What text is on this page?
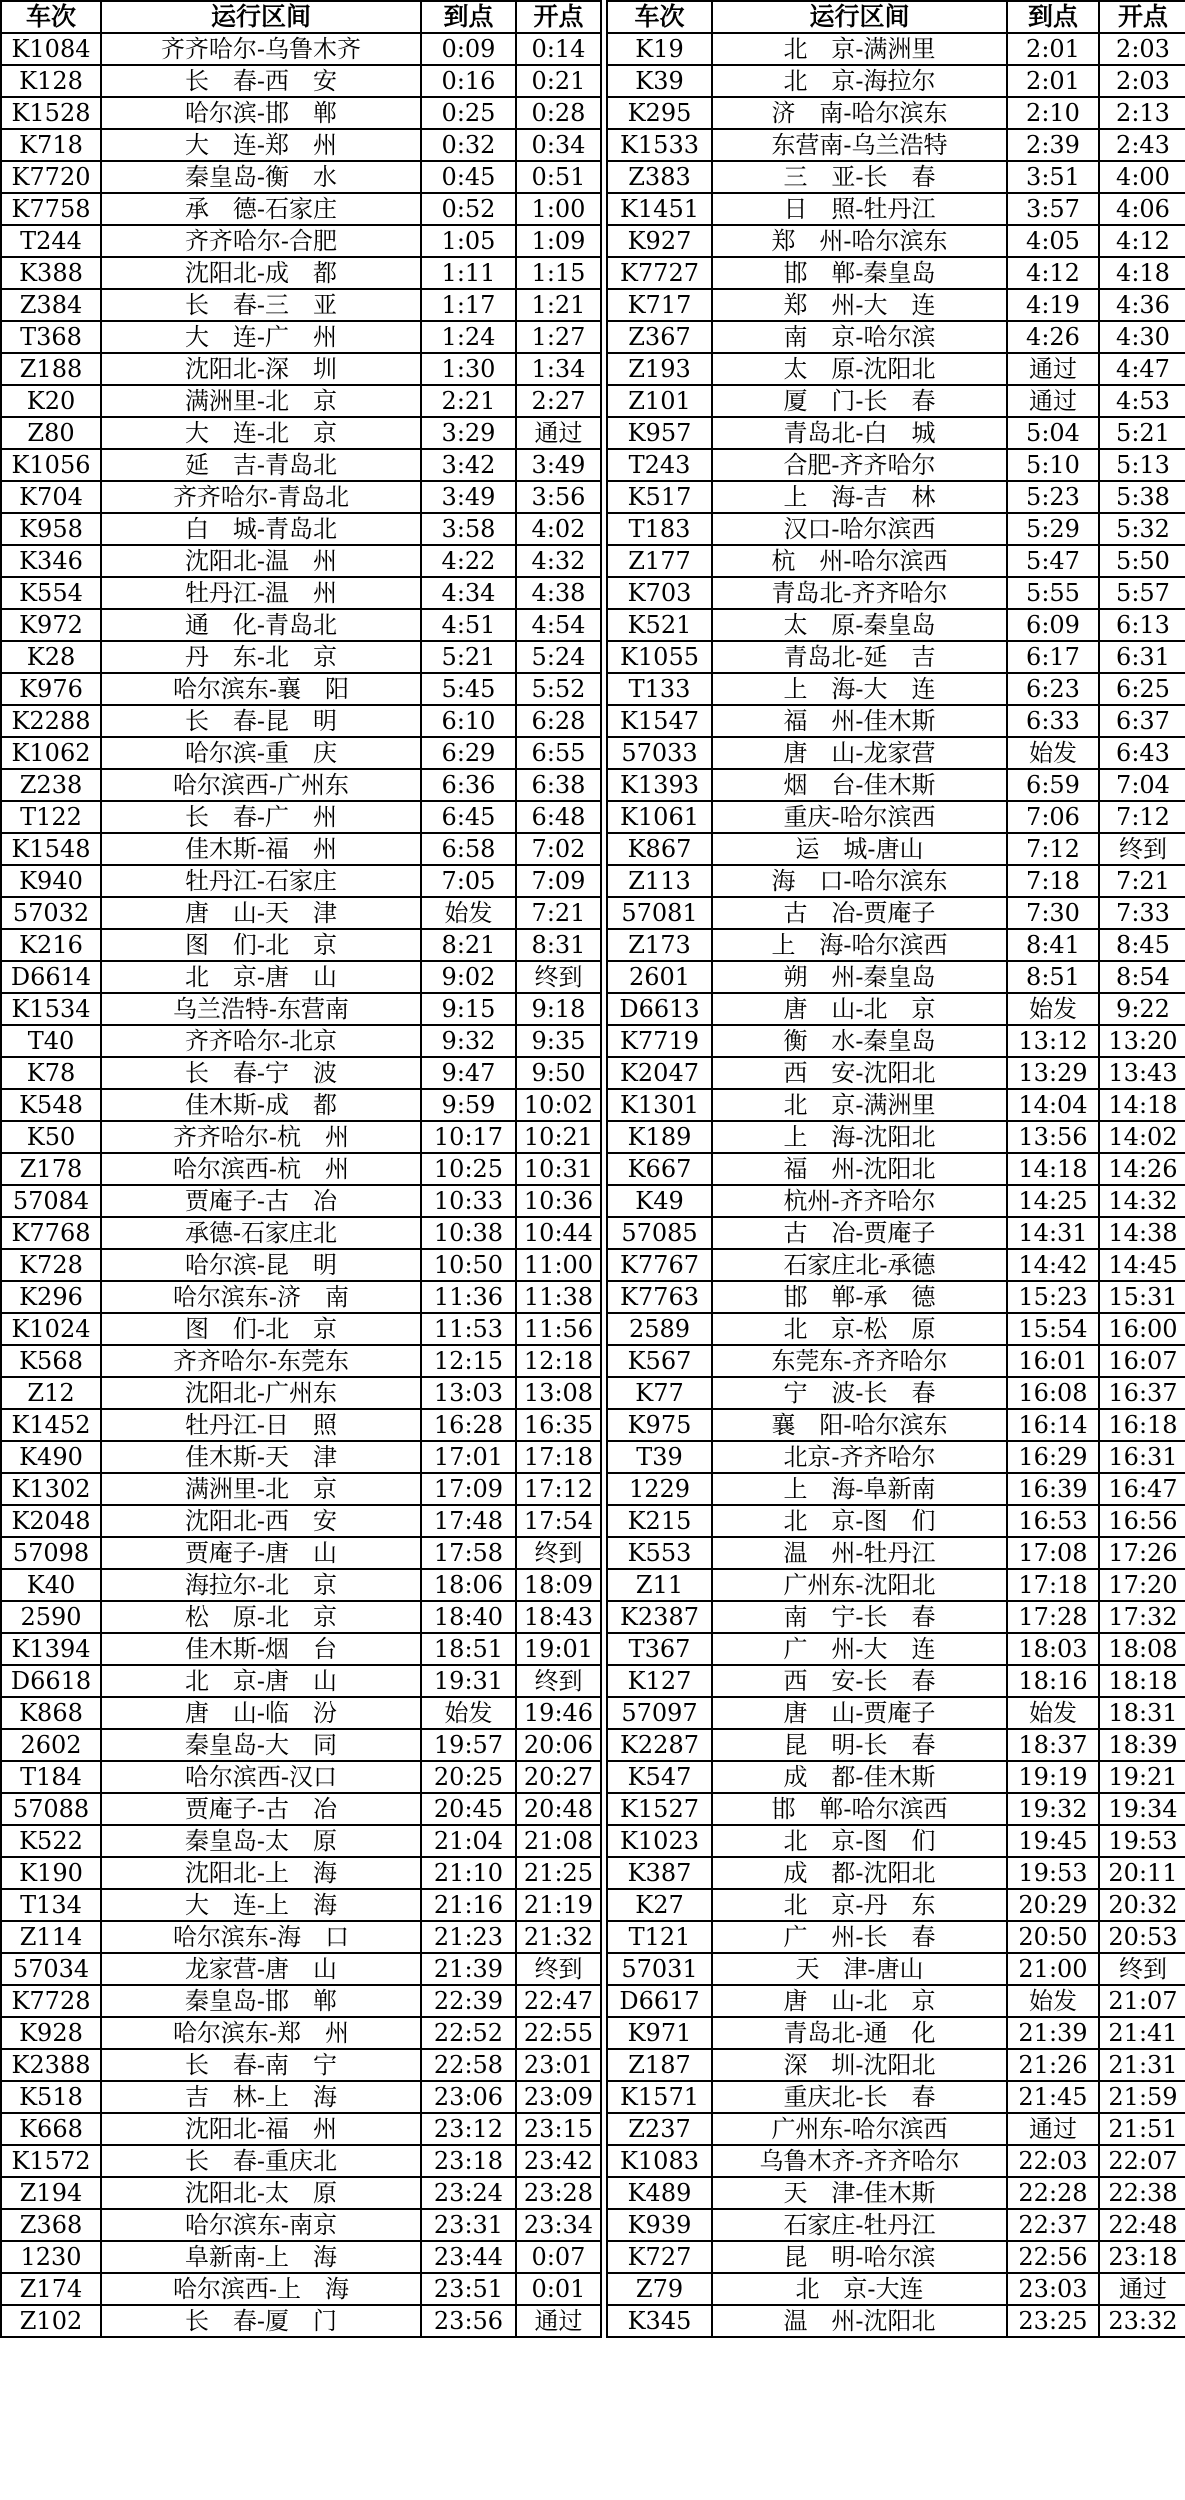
车次	运行区间	到点	开点
K1084	齐齐哈尔-乌鲁木齐	0:09	0:14
K128	长　春-西　安	0:16	0:21
K1528	哈尔滨-邯　郸	0:25	0:28
K718	大　连-郑　州	0:32	0:34
K7720	秦皇岛-衡　水	0:45	0:51
K7758	承　德-石家庄	0:52	1:00
T244	齐齐哈尔-合肥	1:05	1:09
K388	沈阳北-成　都	1:11	1:15
Z384	长　春-三　亚	1:17	1:21
T368	大　连-广　州	1:24	1:27
Z188	沈阳北-深　圳	1:30	1:34
K20	满洲里-北　京	2:21	2:27
Z80	大　连-北　京	3:29	通过
K1056	延　吉-青岛北	3:42	3:49
K704	齐齐哈尔-青岛北	3:49	3:56
K958	白　城-青岛北	3:58	4:02
K346	沈阳北-温　州	4:22	4:32
K554	牡丹江-温　州	4:34	4:38
K972	通　化-青岛北	4:51	4:54
K28	丹　东-北　京	5:21	5:24
K976	哈尔滨东-襄　阳	5:45	5:52
K2288	长　春-昆　明	6:10	6:28
K1062	哈尔滨-重　庆	6:29	6:55
Z238	哈尔滨西-广州东	6:36	6:38
T122	长　春-广　州	6:45	6:48
K1548	佳木斯-福　州	6:58	7:02
K940	牡丹江-石家庄	7:05	7:09
57032	唐　山-天　津	始发	7:21
K216	图　们-北　京	8:21	8:31
D6614	北　京-唐　山	9:02	终到
K1534	乌兰浩特-东营南	9:15	9:18
T40	齐齐哈尔-北京	9:32	9:35
K78	长　春-宁　波	9:47	9:50
K548	佳木斯-成　都	9:59	10:02
K50	齐齐哈尔-杭　州	10:17	10:21
Z178	哈尔滨西-杭　州	10:25	10:31
57084	贾庵子-古　冶	10:33	10:36
K7768	承德-石家庄北	10:38	10:44
K728	哈尔滨-昆　明	10:50	11:00
K296	哈尔滨东-济　南	11:36	11:38
K1024	图　们-北　京	11:53	11:56
K568	齐齐哈尔-东莞东	12:15	12:18
Z12	沈阳北-广州东	13:03	13:08
K1452	牡丹江-日　照	16:28	16:35
K490	佳木斯-天　津	17:01	17:18
K1302	满洲里-北　京	17:09	17:12
K2048	沈阳北-西　安	17:48	17:54
57098	贾庵子-唐　山	17:58	终到
K40	海拉尔-北　京	18:06	18:09
2590	松　原-北　京	18:40	18:43
K1394	佳木斯-烟　台	18:51	19:01
D6618	北　京-唐　山	19:31	终到
K868	唐　山-临　汾	始发	19:46
2602	秦皇岛-大　同	19:57	20:06
T184	哈尔滨西-汉口	20:25	20:27
57088	贾庵子-古　冶	20:45	20:48
K522	秦皇岛-太　原	21:04	21:08
K190	沈阳北-上　海	21:10	21:25
T134	大　连-上　海	21:16	21:19
Z114	哈尔滨东-海　口	21:23	21:32
57034	龙家营-唐　山	21:39	终到
K7728	秦皇岛-邯　郸	22:39	22:47
K928	哈尔滨东-郑　州	22:52	22:55
K2388	长　春-南　宁	22:58	23:01
K518	吉　林-上　海	23:06	23:09
K668	沈阳北-福　州	23:12	23:15
K1572	长　春-重庆北	23:18	23:42
Z194	沈阳北-太　原	23:24	23:28
Z368	哈尔滨东-南京	23:31	23:34
1230	阜新南-上　海	23:44	0:07
Z174	哈尔滨西-上　海	23:51	0:01
Z102	长　春-厦　门	23:56	通过
车次	运行区间	到点	开点
K19	北　京-满洲里	2:01	2:03
K39	北　京-海拉尔	2:01	2:03
K295	济　南-哈尔滨东	2:10	2:13
K1533	东营南-乌兰浩特	2:39	2:43
Z383	三　亚-长　春	3:51	4:00
K1451	日　照-牡丹江	3:57	4:06
K927	郑　州-哈尔滨东	4:05	4:12
K7727	邯　郸-秦皇岛	4:12	4:18
K717	郑　州-大　连	4:19	4:36
Z367	南　京-哈尔滨	4:26	4:30
Z193	太　原-沈阳北	通过	4:47
Z101	厦　门-长　春	通过	4:53
K957	青岛北-白　城	5:04	5:21
T243	合肥-齐齐哈尔	5:10	5:13
K517	上　海-吉　林	5:23	5:38
T183	汉口-哈尔滨西	5:29	5:32
Z177	杭　州-哈尔滨西	5:47	5:50
K703	青岛北-齐齐哈尔	5:55	5:57
K521	太　原-秦皇岛	6:09	6:13
K1055	青岛北-延　吉	6:17	6:31
T133	上　海-大　连	6:23	6:25
K1547	福　州-佳木斯	6:33	6:37
57033	唐　山-龙家营	始发	6:43
K1393	烟　台-佳木斯	6:59	7:04
K1061	重庆-哈尔滨西	7:06	7:12
K867	运　城-唐山	7:12	终到
Z113	海　口-哈尔滨东	7:18	7:21
57081	古　冶-贾庵子	7:30	7:33
Z173	上　海-哈尔滨西	8:41	8:45
2601	朔　州-秦皇岛	8:51	8:54
D6613	唐　山-北　京	始发	9:22
K7719	衡　水-秦皇岛	13:12	13:20
K2047	西　安-沈阳北	13:29	13:43
K1301	北　京-满洲里	14:04	14:18
K189	上　海-沈阳北	13:56	14:02
K667	福　州-沈阳北	14:18	14:26
K49	杭州-齐齐哈尔	14:25	14:32
57085	古　冶-贾庵子	14:31	14:38
K7767	石家庄北-承德	14:42	14:45
K7763	邯　郸-承　德	15:23	15:31
2589	北　京-松　原	15:54	16:00
K567	东莞东-齐齐哈尔	16:01	16:07
K77	宁　波-长　春	16:08	16:37
K975	襄　阳-哈尔滨东	16:14	16:18
T39	北京-齐齐哈尔	16:29	16:31
1229	上　海-阜新南	16:39	16:47
K215	北　京-图　们	16:53	16:56
K553	温　州-牡丹江	17:08	17:26
Z11	广州东-沈阳北	17:18	17:20
K2387	南　宁-长　春	17:28	17:32
T367	广　州-大　连	18:03	18:08
K127	西　安-长　春	18:16	18:18
57097	唐　山-贾庵子	始发	18:31
K2287	昆　明-长　春	18:37	18:39
K547	成　都-佳木斯	19:19	19:21
K1527	邯　郸-哈尔滨西	19:32	19:34
K1023	北　京-图　们	19:45	19:53
K387	成　都-沈阳北	19:53	20:11
K27	北　京-丹　东	20:29	20:32
T121	广　州-长　春	20:50	20:53
57031	天　津-唐山	21:00	终到
D6617	唐　山-北　京	始发	21:07
K971	青岛北-通　化	21:39	21:41
Z187	深　圳-沈阳北	21:26	21:31
K1571	重庆北-长　春	21:45	21:59
Z237	广州东-哈尔滨西	通过	21:51
K1083	乌鲁木齐-齐齐哈尔	22:03	22:07
K489	天　津-佳木斯	22:28	22:38
K939	石家庄-牡丹江	22:37	22:48
K727	昆　明-哈尔滨	22:56	23:18
Z79	北　京-大连	23:03	通过
K345	温　州-沈阳北	23:25	23:32
